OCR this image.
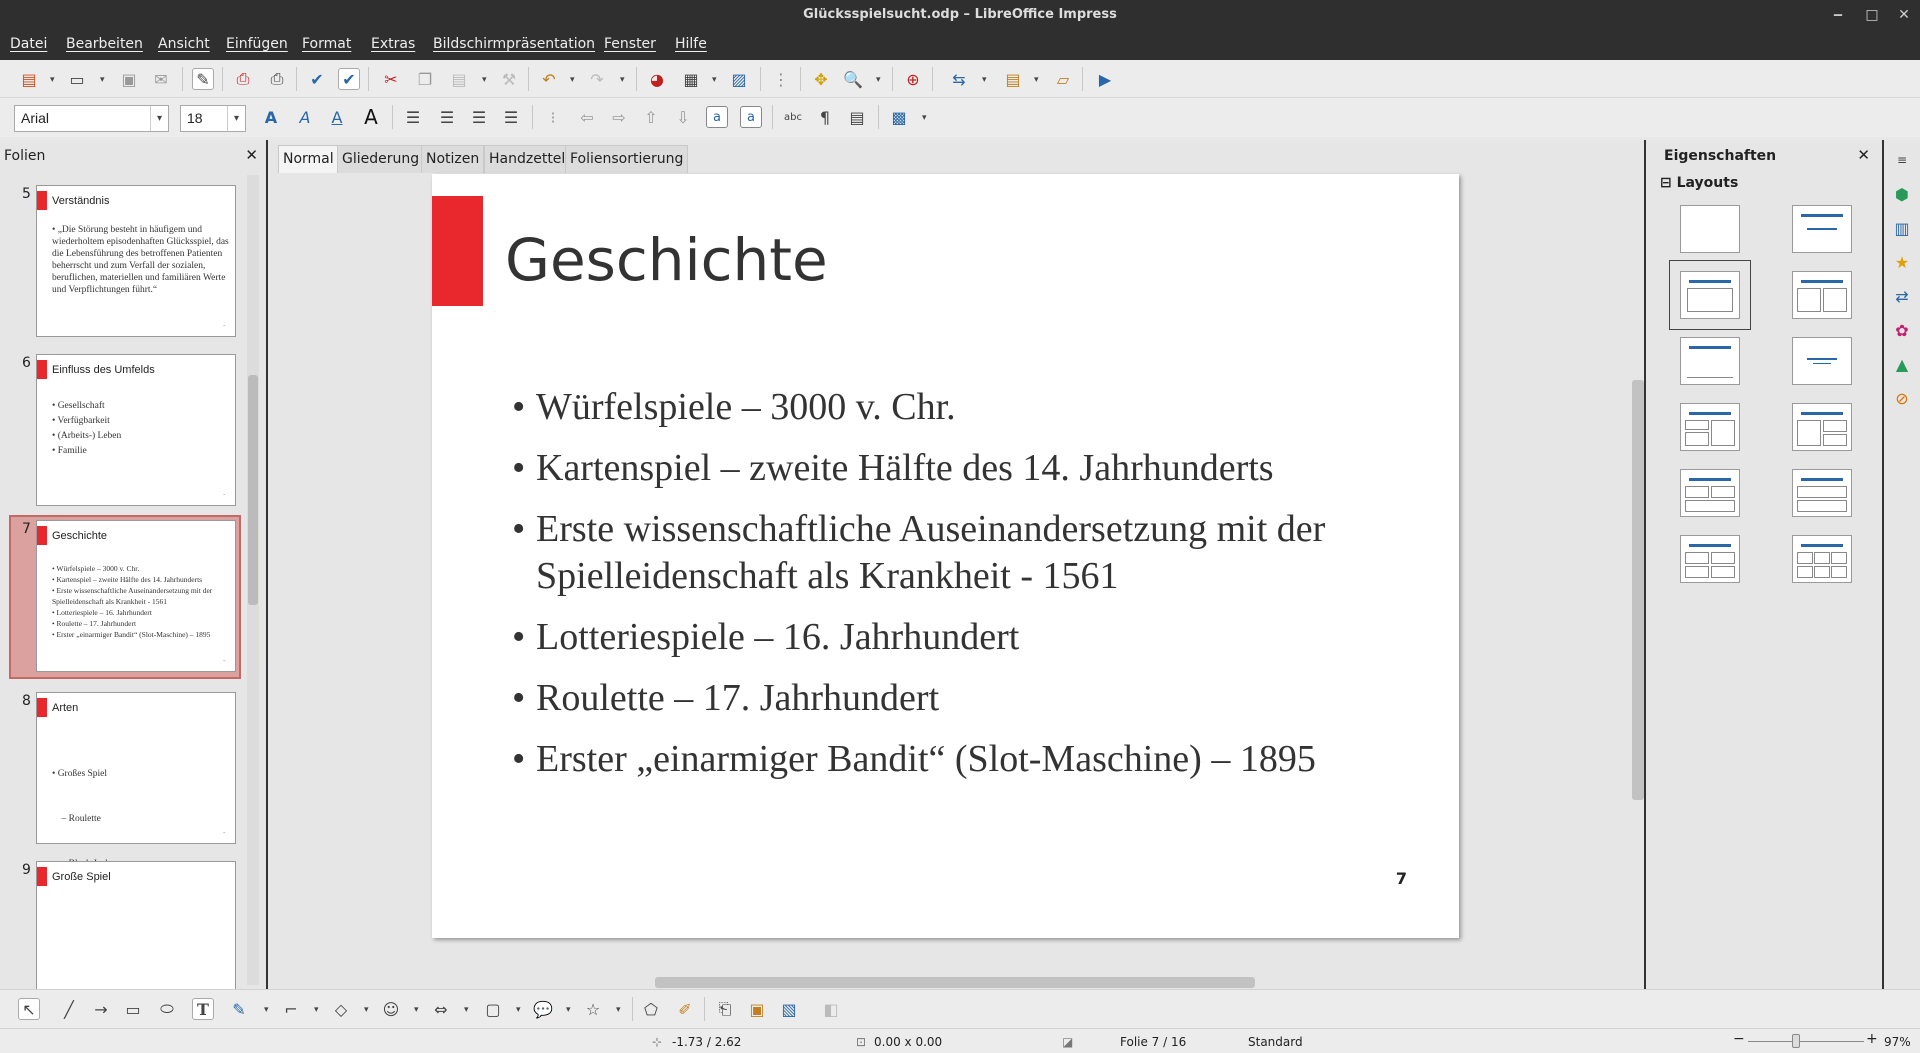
Glücksspielsucht.odp – LibreOffice Impress	‒	□	✕
Datei Bearbeiten Ansicht Einfügen Format Extras Bildschirmpräsentation Fenster Hilfe
▤	▾ ▭	▾ ▣ ✉ ✎ ⎙ ⎙ ✔ ✔ ✂ ❐ ▤	▾ ⚒ ↶	▾ ↷	▾ ◕ ▦	▾ ▨ ⋮ ✥ 🔍 ▾ ⊕ ⇆	▾ ▤	▾	▱	▶
Arial	▾	18	▾	A	A	A A ☰ ☰ ☰ ☰	⁝	⇦ ⇨ ⇧ ⇩	a	a	abc	¶	▤ ▩	▾
Folien	✕
5 Verständnis
• „Die Störung besteht in häufigem und wiederholtem episodenhaften Glücksspiel, das die Lebensführung des betroffenen Patienten beherrscht und zum Verfall der sozialen, beruflichen, materiellen und familiären Werte und Verpflichtungen führt.“
·
6 Einfluss des Umfelds
• Gesellschaft
• Verfügbarkeit
• (Arbeits-) Leben
• Familie
·
7 Geschichte
• Würfelspiele – 3000 v. Chr.
• Kartenspiel – zweite Hälfte des 14. Jahrhunderts
• Erste wissenschaftliche Auseinandersetzung mit der Spielleidenschaft als Krankheit - 1561
• Lotteriespiele – 16. Jahrhundert
• Roulette – 17. Jahrhundert
• Erster „einarmiger Bandit“ (Slot-Maschine) – 1895
·
8 Arten

• Großes Spiel

– Roulette

·
9 Große Spiel
Normal Gliederung Notizen Handzettel Foliensortierung
Geschichte
• Würfelspiele – 3000 v. Chr.
• Kartenspiel – zweite Hälfte des 14. Jahrhunderts
• Erste wissenschaftliche Auseinandersetzung mit der Spielleidenschaft als Krankheit - 1561
• Lotteriespiele – 16. Jahrhundert
• Roulette – 17. Jahrhundert
• Erster „einarmiger Bandit“ (Slot-Maschine) – 1895
7
Eigenschaften	✕
⊟ Layouts
≡
⬢
▥
★
⇄
✿
▲
⊘
↖	╱	→ ▭ ⬭	T	✎	▾ ⌐	▾	◇	▾ ☺ ▾ ⇔	▾ ▢	▾ 💬 ▾ ☆	▾ ⬠ ✐ ⎗ ▣ ▧ ◧
⊹ -1.73 / 2.62	⊡ 0.00 x 0.00	◪	Folie 7 / 16	Standard	−	+ 97%
